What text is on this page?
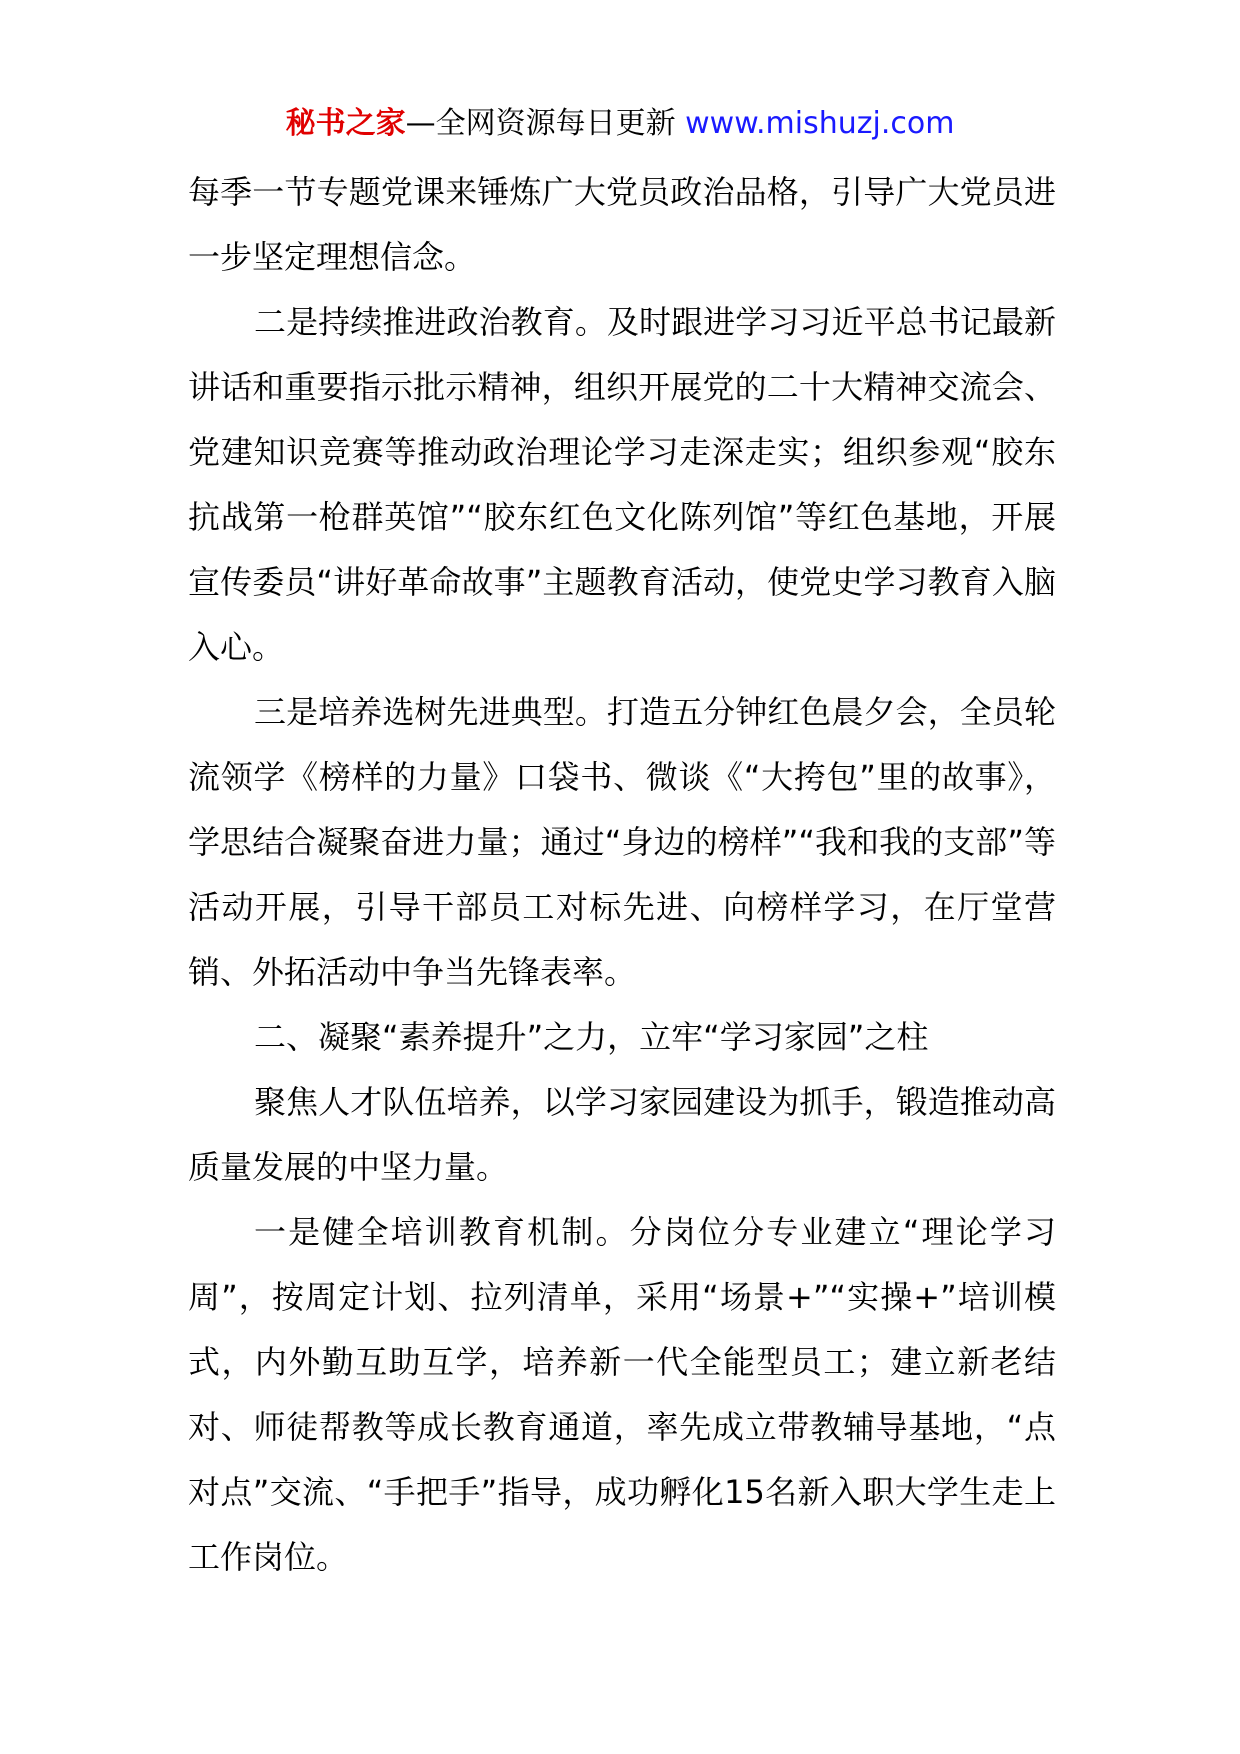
秘书之家—全网资源每日更新 www.mishuzj.com

每季一节专题党课来锤炼广大党员政治品格，引导广大党员进一步坚定理想信念。

二是持续推进政治教育。及时跟进学习习近平总书记最新讲话和重要指示批示精神，组织开展党的二十大精神交流会、党建知识竞赛等推动政治理论学习走深走实；组织参观“胶东抗战第一枪群英馆”“胶东红色文化陈列馆”等红色基地，开展宣传委员“讲好革命故事”主题教育活动，使党史学习教育入脑入心。

三是培养选树先进典型。打造五分钟红色晨夕会，全员轮流领学《榜样的力量》口袋书、微谈《“大挎包”里的故事》，学思结合凝聚奋进力量；通过“身边的榜样”“我和我的支部”等活动开展，引导干部员工对标先进、向榜样学习，在厅堂营销、外拓活动中争当先锋表率。

二、凝聚“素养提升”之力，立牢“学习家园”之柱

聚焦人才队伍培养，以学习家园建设为抓手，锻造推动高质量发展的中坚力量。

一是健全培训教育机制。分岗位分专业建立“理论学习周”，按周定计划、拉列清单，采用“场景+”“实操+”培训模式，内外勤互助互学，培养新一代全能型员工；建立新老结对、师徒帮教等成长教育通道，率先成立带教辅导基地，“点对点”交流、“手把手”指导，成功孵化15名新入职大学生走上工作岗位。
